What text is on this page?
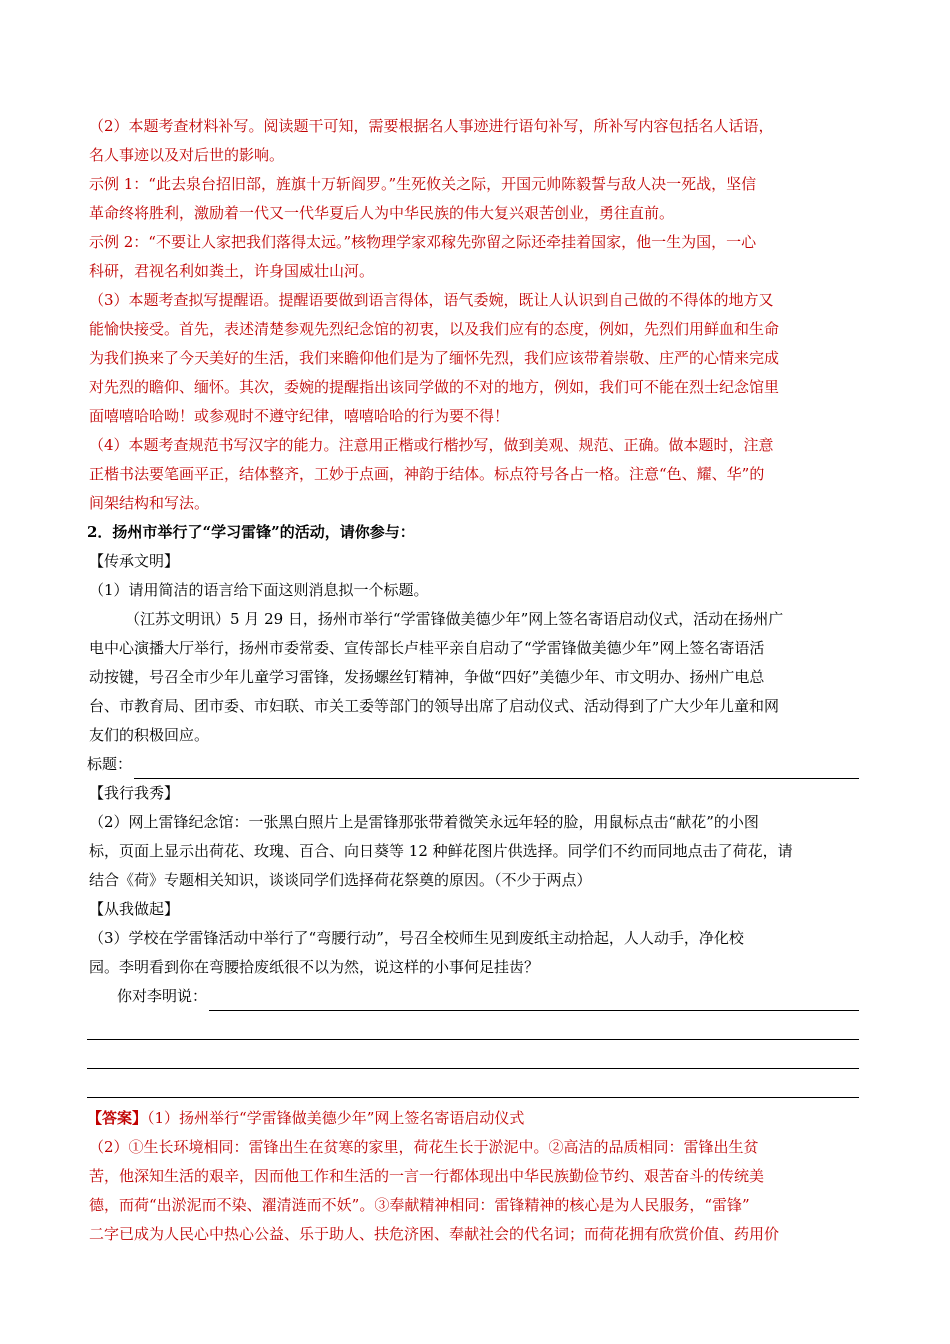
（2）本题考查材料补写。阅读题干可知，需要根据名人事迹进行语句补写，所补写内容包括名人话语，
名人事迹以及对后世的影响。
示例 1：“此去泉台招旧部，旌旗十万斩阎罗。”生死攸关之际，开国元帅陈毅誓与敌人决一死战，坚信
革命终将胜利，激励着一代又一代华夏后人为中华民族的伟大复兴艰苦创业，勇往直前。
示例 2：“不要让人家把我们落得太远。”核物理学家邓稼先弥留之际还牵挂着国家，他一生为国，一心
科研，君视名利如粪土，许身国威壮山河。
（3）本题考查拟写提醒语。提醒语要做到语言得体，语气委婉，既让人认识到自己做的不得体的地方又
能愉快接受。首先，表述清楚参观先烈纪念馆的初衷，以及我们应有的态度，例如，先烈们用鲜血和生命
为我们换来了今天美好的生活，我们来瞻仰他们是为了缅怀先烈，我们应该带着崇敬、庄严的心情来完成
对先烈的瞻仰、缅怀。其次，委婉的提醒指出该同学做的不对的地方，例如，我们可不能在烈士纪念馆里
面嘻嘻哈哈呦！或参观时不遵守纪律，嘻嘻哈哈的行为要不得！
（4）本题考查规范书写汉字的能力。注意用正楷或行楷抄写，做到美观、规范、正确。做本题时，注意
正楷书法要笔画平正，结体整齐，工妙于点画，神韵于结体。标点符号各占一格。注意“色、耀、华”的
间架结构和写法。
2．扬州市举行了“学习雷锋”的活动，请你参与：
【传承文明】
（1）请用简洁的语言给下面这则消息拟一个标题。
（江苏文明讯）5 月 29 日，扬州市举行“学雷锋做美德少年”网上签名寄语启动仪式，活动在扬州广
电中心演播大厅举行，扬州市委常委、宣传部长卢桂平亲自启动了“学雷锋做美德少年”网上签名寄语活
动按键，号召全市少年儿童学习雷锋，发扬螺丝钉精神，争做“四好”美德少年、市文明办、扬州广电总
台、市教育局、团市委、市妇联、市关工委等部门的领导出席了启动仪式、活动得到了广大少年儿童和网
友们的积极回应。
标题：
【我行我秀】
（2）网上雷锋纪念馆：一张黑白照片上是雷锋那张带着微笑永远年轻的脸，用鼠标点击“献花”的小图
标，页面上显示出荷花、玫瑰、百合、向日葵等 12 种鲜花图片供选择。同学们不约而同地点击了荷花，请
结合《荷》专题相关知识，谈谈同学们选择荷花祭奠的原因。（不少于两点）
【从我做起】
（3）学校在学雷锋活动中举行了“弯腰行动”，号召全校师生见到废纸主动拾起，人人动手，净化校
园。李明看到你在弯腰拾废纸很不以为然，说这样的小事何足挂齿？
你对李明说：
【答案】（1）扬州举行“学雷锋做美德少年”网上签名寄语启动仪式
（2）①生长环境相同：雷锋出生在贫寒的家里，荷花生长于淤泥中。②高洁的品质相同：雷锋出生贫
苦，他深知生活的艰辛，因而他工作和生活的一言一行都体现出中华民族勤俭节约、艰苦奋斗的传统美
德，而荷“出淤泥而不染、濯清涟而不妖”。③奉献精神相同：雷锋精神的核心是为人民服务，“雷锋”
二字已成为人民心中热心公益、乐于助人、扶危济困、奉献社会的代名词；而荷花拥有欣赏价值、药用价
